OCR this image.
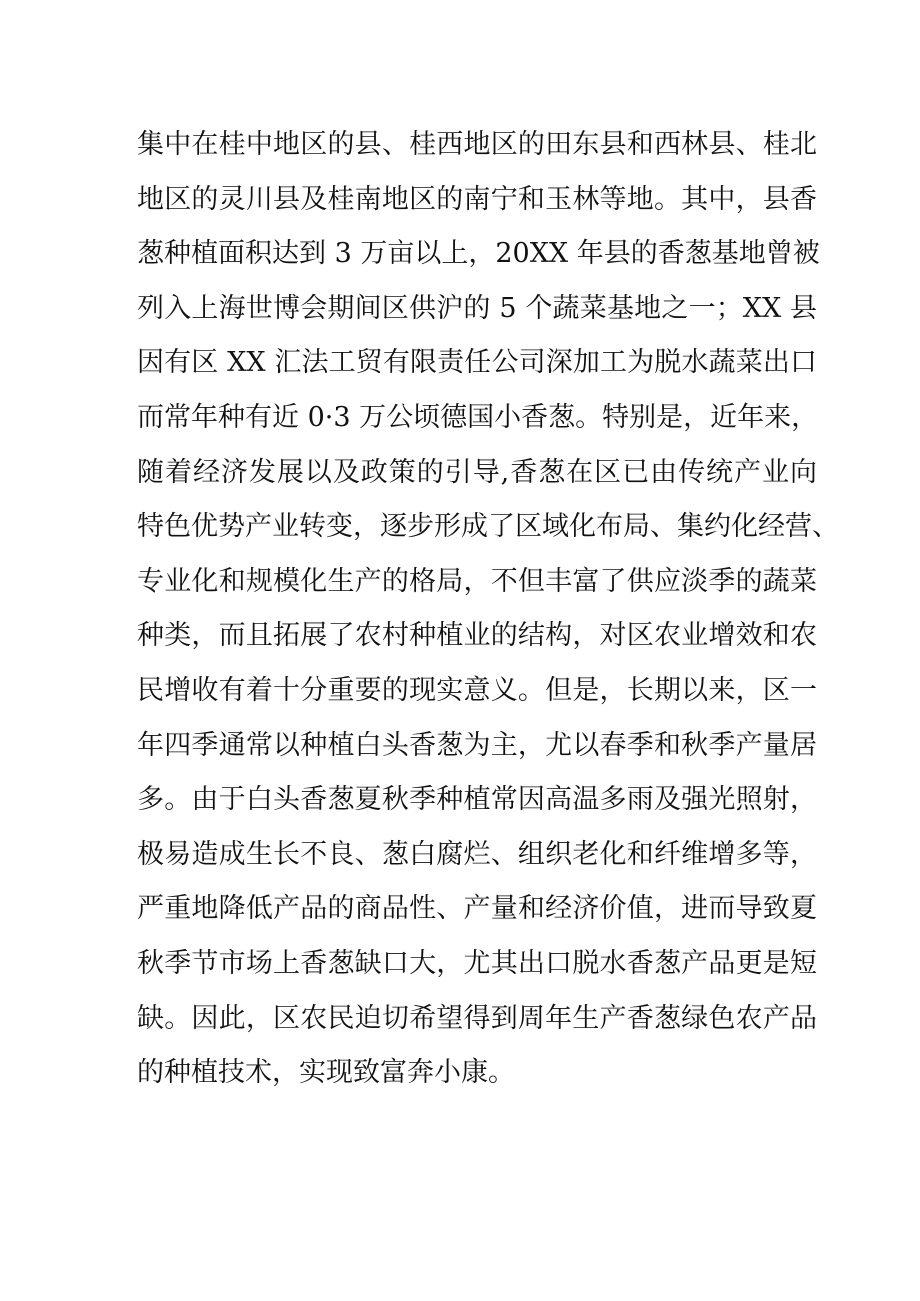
集中在桂中地区的县、桂西地区的田东县和西林县、桂北
地区的灵川县及桂南地区的南宁和玉林等地。其中，县香
葱种植面积达到 3 万亩以上，20XX 年县的香葱基地曾被
列入上海世博会期间区供沪的 5 个蔬菜基地之一；XX 县
因有区 XX 汇法工贸有限责任公司深加工为脱水蔬菜出口
而常年种有近 0·3 万公顷德国小香葱。特别是，近年来，
随着经济发展以及政策的引导,香葱在区已由传统产业向
特色优势产业转变，逐步形成了区域化布局、集约化经营、
专业化和规模化生产的格局，不但丰富了供应淡季的蔬菜
种类，而且拓展了农村种植业的结构，对区农业增效和农
民增收有着十分重要的现实意义。但是，长期以来，区一
年四季通常以种植白头香葱为主，尤以春季和秋季产量居
多。由于白头香葱夏秋季种植常因高温多雨及强光照射，
极易造成生长不良、葱白腐烂、组织老化和纤维增多等，
严重地降低产品的商品性、产量和经济价值，进而导致夏
秋季节市场上香葱缺口大，尤其出口脱水香葱产品更是短
缺。因此，区农民迫切希望得到周年生产香葱绿色农产品
的种植技术，实现致富奔小康。
